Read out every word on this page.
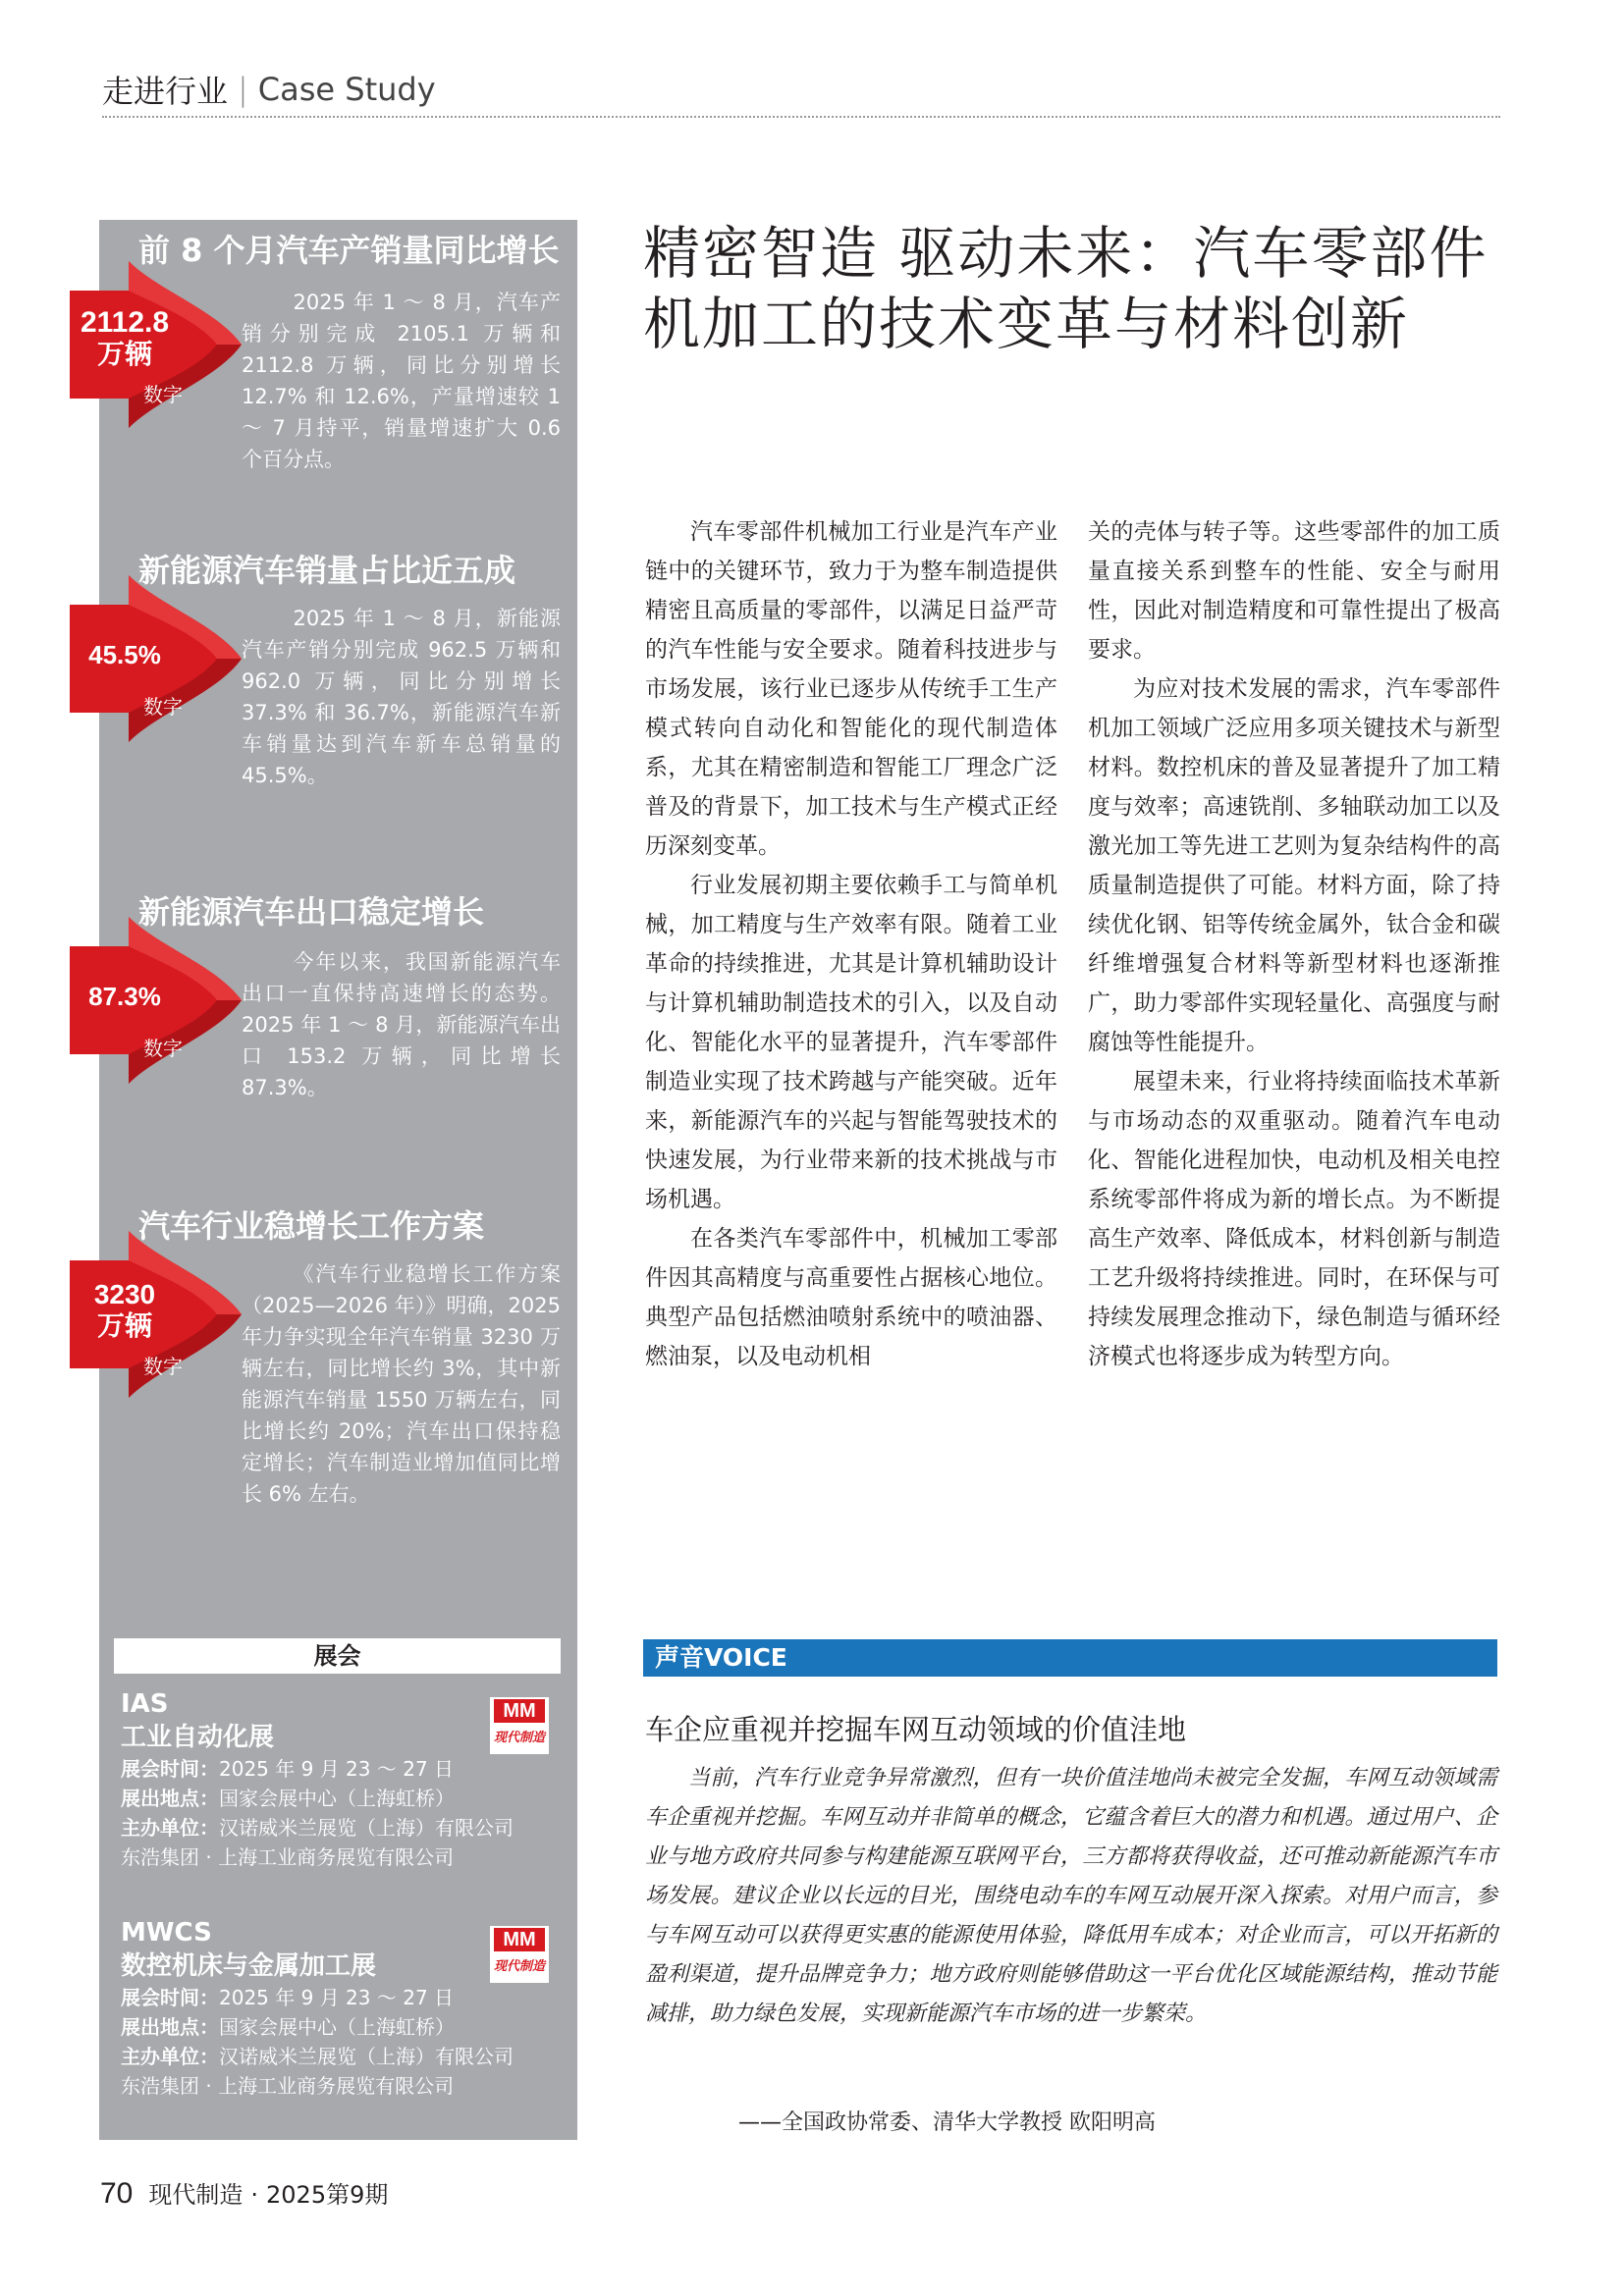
走进行业 | Case Study
前 8 个月汽车产销量同比增长
2112.8
万辆
数字

2025 年 1 ～ 8 月，汽车产销分别完成 2105.1 万辆和 2112.8 万辆，同比分别增长 12.7% 和 12.6%，产量增速较 1 ～ 7 月持平，销量增速扩大 0.6 个百分点。

新能源汽车销量占比近五成
45.5%
数字

2025 年 1 ～ 8 月，新能源汽车产销分别完成 962.5 万辆和 962.0 万辆，同比分别增长 37.3% 和 36.7%，新能源汽车新车销量达到汽车新车总销量的 45.5%。

新能源汽车出口稳定增长
87.3%
数字

今年以来，我国新能源汽车出口一直保持高速增长的态势。2025 年 1 ～ 8 月，新能源汽车出口 153.2 万辆，同比增长 87.3%。

汽车行业稳增长工作方案
3230
万辆
数字

《汽车行业稳增长工作方案（2025—2026 年）》明确，2025 年力争实现全年汽车销量 3230 万辆左右，同比增长约 3%，其中新能源汽车销量 1550 万辆左右，同比增长约 20%；汽车出口保持稳定增长；汽车制造业增加值同比增长 6% 左右。

展会
IAS
工业自动化展
MM
现代制造
展会时间：2025 年 9 月 23 ～ 27 日
展出地点：国家会展中心（上海虹桥）
主办单位：汉诺威米兰展览（上海）有限公司
东浩集团 · 上海工业商务展览有限公司
MWCS
数控机床与金属加工展
MM
现代制造
展会时间：2025 年 9 月 23 ～ 27 日
展出地点：国家会展中心（上海虹桥）
主办单位：汉诺威米兰展览（上海）有限公司
东浩集团 · 上海工业商务展览有限公司
精密智造 驱动未来：汽车零部件机加工的技术变革与材料创新

汽车零部件机械加工行业是汽车产业链中的关键环节，致力于为整车制造提供精密且高质量的零部件，以满足日益严苛的汽车性能与安全要求。随着科技进步与市场发展，该行业已逐步从传统手工生产模式转向自动化和智能化的现代制造体系，尤其在精密制造和智能工厂理念广泛普及的背景下，加工技术与生产模式正经历深刻变革。

行业发展初期主要依赖手工与简单机械，加工精度与生产效率有限。随着工业革命的持续推进，尤其是计算机辅助设计与计算机辅助制造技术的引入，以及自动化、智能化水平的显著提升，汽车零部件制造业实现了技术跨越与产能突破。近年来，新能源汽车的兴起与智能驾驶技术的快速发展，为行业带来新的技术挑战与市场机遇。

在各类汽车零部件中，机械加工零部件因其高精度与高重要性占据核心地位。典型产品包括燃油喷射系统中的喷油器、燃油泵，以及电动机相

关的壳体与转子等。这些零部件的加工质量直接关系到整车的性能、安全与耐用性，因此对制造精度和可靠性提出了极高要求。

为应对技术发展的需求，汽车零部件机加工领域广泛应用多项关键技术与新型材料。数控机床的普及显著提升了加工精度与效率；高速铣削、多轴联动加工以及激光加工等先进工艺则为复杂结构件的高质量制造提供了可能。材料方面，除了持续优化钢、铝等传统金属外，钛合金和碳纤维增强复合材料等新型材料也逐渐推广，助力零部件实现轻量化、高强度与耐腐蚀等性能提升。

展望未来，行业将持续面临技术革新与市场动态的双重驱动。随着汽车电动化、智能化进程加快，电动机及相关电控系统零部件将成为新的增长点。为不断提高生产效率、降低成本，材料创新与制造工艺升级将持续推进。同时，在环保与可持续发展理念推动下，绿色制造与循环经济模式也将逐步成为转型方向。

声音VOICE
车企应重视并挖掘车网互动领域的价值洼地

当前，汽车行业竞争异常激烈，但有一块价值洼地尚未被完全发掘，车网互动领域需车企重视并挖掘。车网互动并非简单的概念，它蕴含着巨大的潜力和机遇。通过用户、企业与地方政府共同参与构建能源互联网平台，三方都将获得收益，还可推动新能源汽车市场发展。建议企业以长远的目光，围绕电动车的车网互动展开深入探索。对用户而言，参与车网互动可以获得更实惠的能源使用体验，降低用车成本；对企业而言，可以开拓新的盈利渠道，提升品牌竞争力；地方政府则能够借助这一平台优化区域能源结构，推动节能减排，助力绿色发展，实现新能源汽车市场的进一步繁荣。

——全国政协常委、清华大学教授 欧阳明高
70 现代制造 · 2025第9期
